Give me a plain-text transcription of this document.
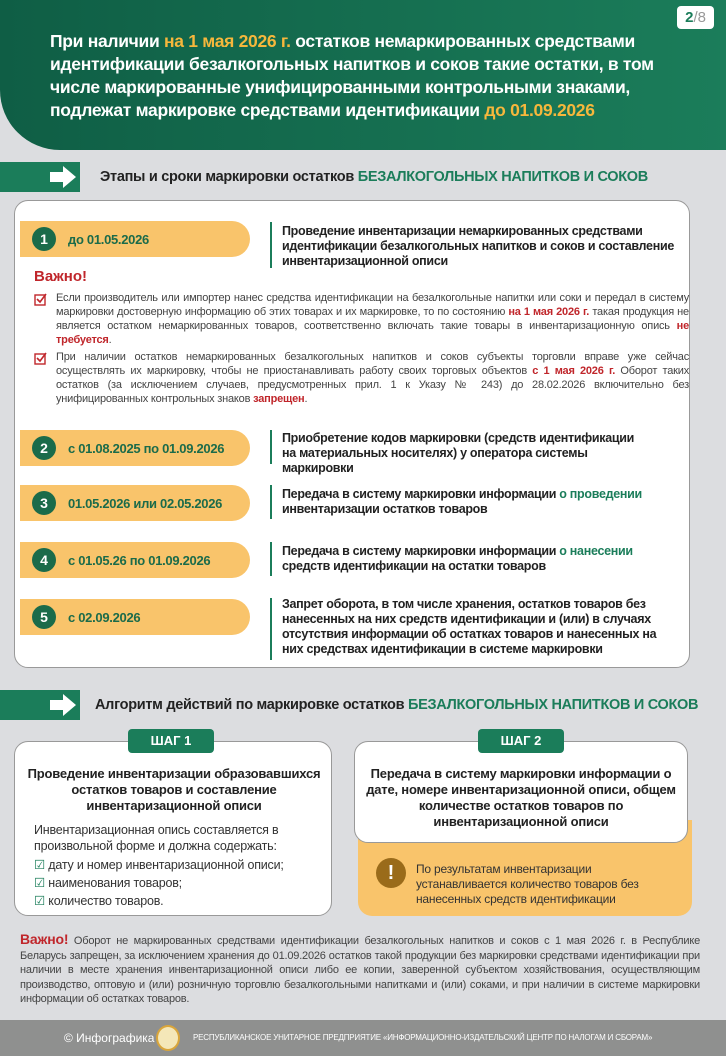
2/8
При наличии на 1 мая 2026 г. остатков немаркированных средствами идентификации безалкогольных напитков и соков такие остатки, в том числе маркированные унифицированными контрольными знаками, подлежат маркировке средствами идентификации до 01.09.2026
Этапы и сроки маркировки остатков БЕЗАЛКОГОЛЬНЫХ НАПИТКОВ И СОКОВ
1	до 01.05.2026
Проведение инвентаризации немаркированных средствами идентификации безалкогольных напитков и соков и составление инвентаризационной описи
Важно!
Если производитель или импортер нанес средства идентификации на безалкогольные напитки или соки и передал в систему маркировки достоверную информацию об этих товарах и их маркировке, то по состоянию на 1 мая 2026 г. такая продукция не является остатком немаркированных товаров, соответственно включать такие товары в инвентаризационную опись не требуется.
При наличии остатков немаркированных безалкогольных напитков и соков субъекты торговли вправе уже сейчас осуществлять их маркировку, чтобы не приостанавливать работу своих торговых объектов с 1 мая 2026 г. Оборот таких остатков (за исключением случаев, предусмотренных прил. 1 к Указу № 243) до 28.02.2026 включительно без унифицированных контрольных знаков запрещен.
2	с 01.08.2025 по 01.09.2026
Приобретение кодов маркировки (средств идентификации на материальных носителях) у оператора системы маркировки
3	01.05.2026 или 02.05.2026
Передача в систему маркировки информации о проведении инвентаризации остатков товаров
4	с 01.05.26 по 01.09.2026
Передача в систему маркировки информации о нанесении средств идентификации на остатки товаров
5	с 02.09.2026
Запрет оборота, в том числе хранения, остатков товаров без нанесенных на них средств идентификации и (или) в случаях отсутствия информации об остатках товаров и нанесенных на них средствах идентификации в системе маркировки
Алгоритм действий по маркировке остатков БЕЗАЛКОГОЛЬНЫХ НАПИТКОВ И СОКОВ
ШАГ 1
Проведение инвентаризации образовавшихся остатков товаров и составление инвентаризационной описи
Инвентаризационная опись составляется в произвольной форме и должна содержать:
☑ дату и номер инвентаризационной описи;
☑ наименования товаров;
☑ количество товаров.
ШАГ 2
Передача в систему маркировки информации о дате, номере инвентаризационной описи, общем количестве остатков товаров по инвентаризационной описи
!	По результатам инвентаризации устанавливается количество товаров без нанесенных средств идентификации
Важно! Оборот не маркированных средствами идентификации безалкогольных напитков и соков с 1 мая 2026 г. в Республике Беларусь запрещен, за исключением хранения до 01.09.2026 остатков такой продукции без маркировки средствами идентификации при наличии в месте хранения инвентаризационной описи либо ее копии, заверенной субъектом хозяйствования, осуществляющим производство, оптовую и (или) розничную торговлю безалкогольными напитками и (или) соками, и при наличии в системе маркировки информации об остатках товаров.
© Инфографика	РЕСПУБЛИКАНСКОЕ УНИТАРНОЕ ПРЕДПРИЯТИЕ «ИНФОРМАЦИОННО-ИЗДАТЕЛЬСКИЙ ЦЕНТР ПО НАЛОГАМ И СБОРАМ»
